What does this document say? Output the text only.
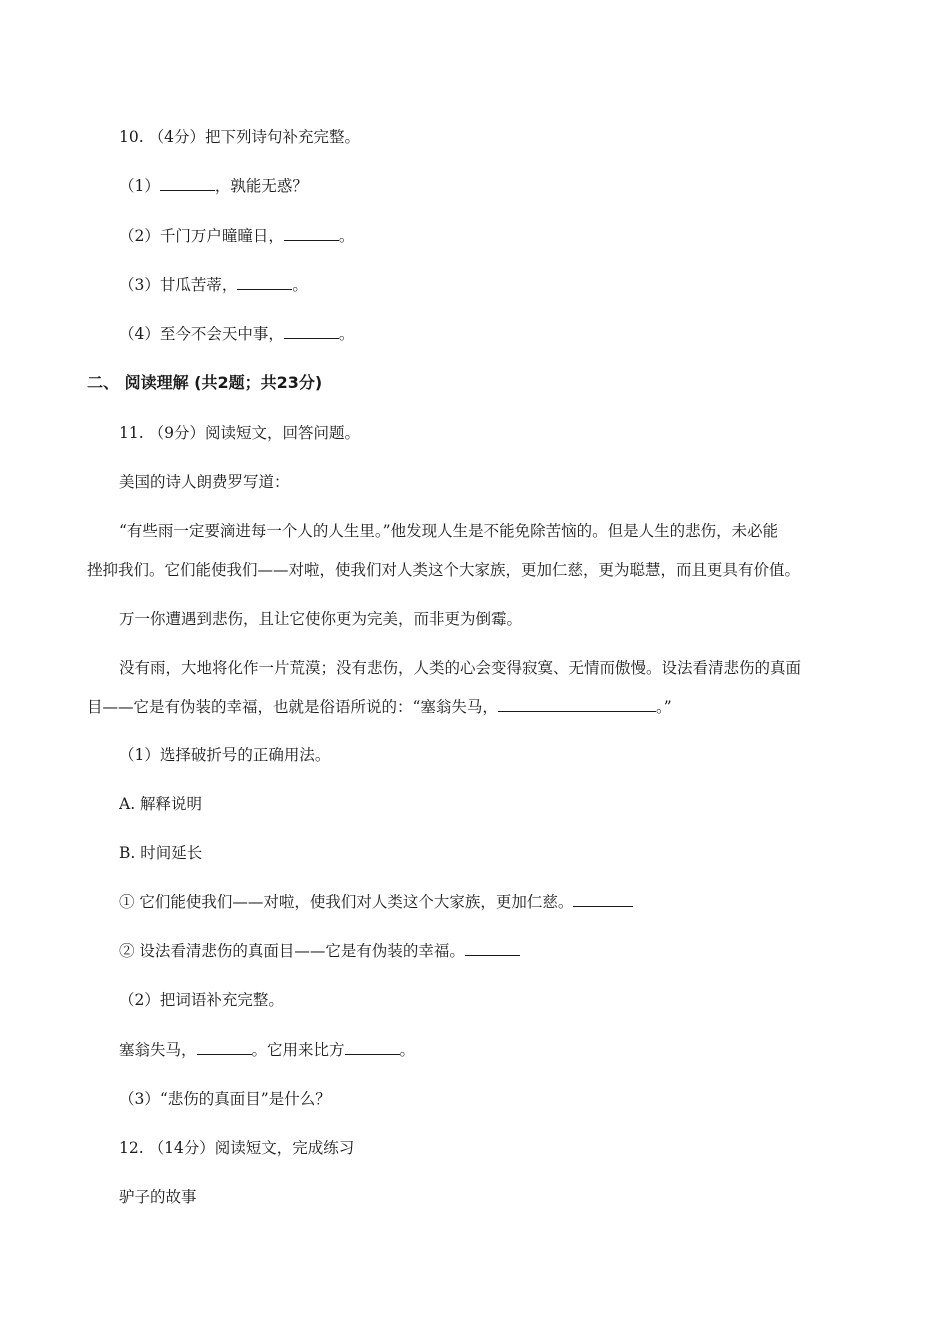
10. （4分）把下列诗句补充完整。
（1）	，孰能无惑？
（2）千门万户曈曈日，	。
（3）甘瓜苦蒂，	。
（4）至今不会天中事，	。
二、 阅读理解 (共2题；共23分)
11. （9分）阅读短文，回答问题。
美国的诗人朗费罗写道：
“有些雨一定要滴进每一个人的人生里。”他发现人生是不能免除苦恼的。但是人生的悲伤，未必能
挫抑我们。它们能使我们——对啦，使我们对人类这个大家族，更加仁慈，更为聪慧，而且更具有价值。
万一你遭遇到悲伤，且让它使你更为完美，而非更为倒霉。
没有雨，大地将化作一片荒漠；没有悲伤，人类的心会变得寂寞、无情而傲慢。设法看清悲伤的真面
目——它是有伪装的幸福，也就是俗语所说的：“塞翁失马，	。”
（1）选择破折号的正确用法。
A. 解释说明
B. 时间延长
① 它们能使我们——对啦，使我们对人类这个大家族，更加仁慈。
② 设法看清悲伤的真面目——它是有伪装的幸福。
（2）把词语补充完整。
塞翁失马，	。它用来比方	。
（3）“悲伤的真面目”是什么？
12. （14分）阅读短文，完成练习
驴子的故事
